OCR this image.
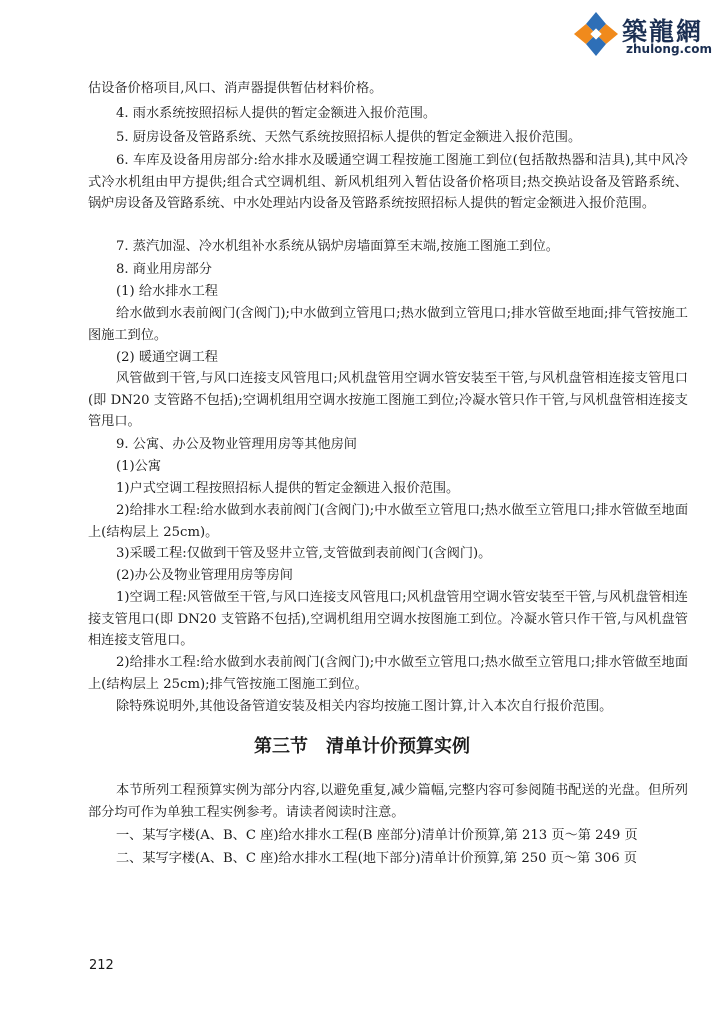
築龍網
zhulong.com
估设备价格项目,风口、消声器提供暂估材料价格。
4. 雨水系统按照招标人提供的暂定金额进入报价范围。
5. 厨房设备及管路系统、天然气系统按照招标人提供的暂定金额进入报价范围。
6. 车库及设备用房部分:给水排水及暖通空调工程按施工图施工到位(包括散热器和洁具),其中风冷式冷水机组由甲方提供;组合式空调机组、新风机组列入暂估设备价格项目;热交换站设备及管路系统、锅炉房设备及管路系统、中水处理站内设备及管路系统按照招标人提供的暂定金额进入报价范围。
7. 蒸汽加湿、冷水机组补水系统从锅炉房墙面算至末端,按施工图施工到位。
8. 商业用房部分
(1) 给水排水工程
给水做到水表前阀门(含阀门);中水做到立管甩口;热水做到立管甩口;排水管做至地面;排气管按施工图施工到位。
(2) 暖通空调工程
风管做到干管,与风口连接支风管甩口;风机盘管用空调水管安装至干管,与风机盘管相连接支管甩口(即 DN20 支管路不包括);空调机组用空调水按施工图施工到位;冷凝水管只作干管,与风机盘管相连接支管甩口。
9. 公寓、办公及物业管理用房等其他房间
(1)公寓
1)户式空调工程按照招标人提供的暂定金额进入报价范围。
2)给排水工程:给水做到水表前阀门(含阀门);中水做至立管甩口;热水做至立管甩口;排水管做至地面上(结构层上 25cm)。
3)采暖工程:仅做到干管及竖井立管,支管做到表前阀门(含阀门)。
(2)办公及物业管理用房等房间
1)空调工程:风管做至干管,与风口连接支风管甩口;风机盘管用空调水管安装至干管,与风机盘管相连接支管甩口(即 DN20 支管路不包括),空调机组用空调水按图施工到位。冷凝水管只作干管,与风机盘管相连接支管甩口。
2)给排水工程:给水做到水表前阀门(含阀门);中水做至立管甩口;热水做至立管甩口;排水管做至地面上(结构层上 25cm);排气管按施工图施工到位。
除特殊说明外,其他设备管道安装及相关内容均按施工图计算,计入本次自行报价范围。
第三节　清单计价预算实例
本节所列工程预算实例为部分内容,以避免重复,减少篇幅,完整内容可参阅随书配送的光盘。但所列部分均可作为单独工程实例参考。请读者阅读时注意。
一、某写字楼(A、B、C 座)给水排水工程(B 座部分)清单计价预算,第 213 页～第 249 页
二、某写字楼(A、B、C 座)给水排水工程(地下部分)清单计价预算,第 250 页～第 306 页
212
